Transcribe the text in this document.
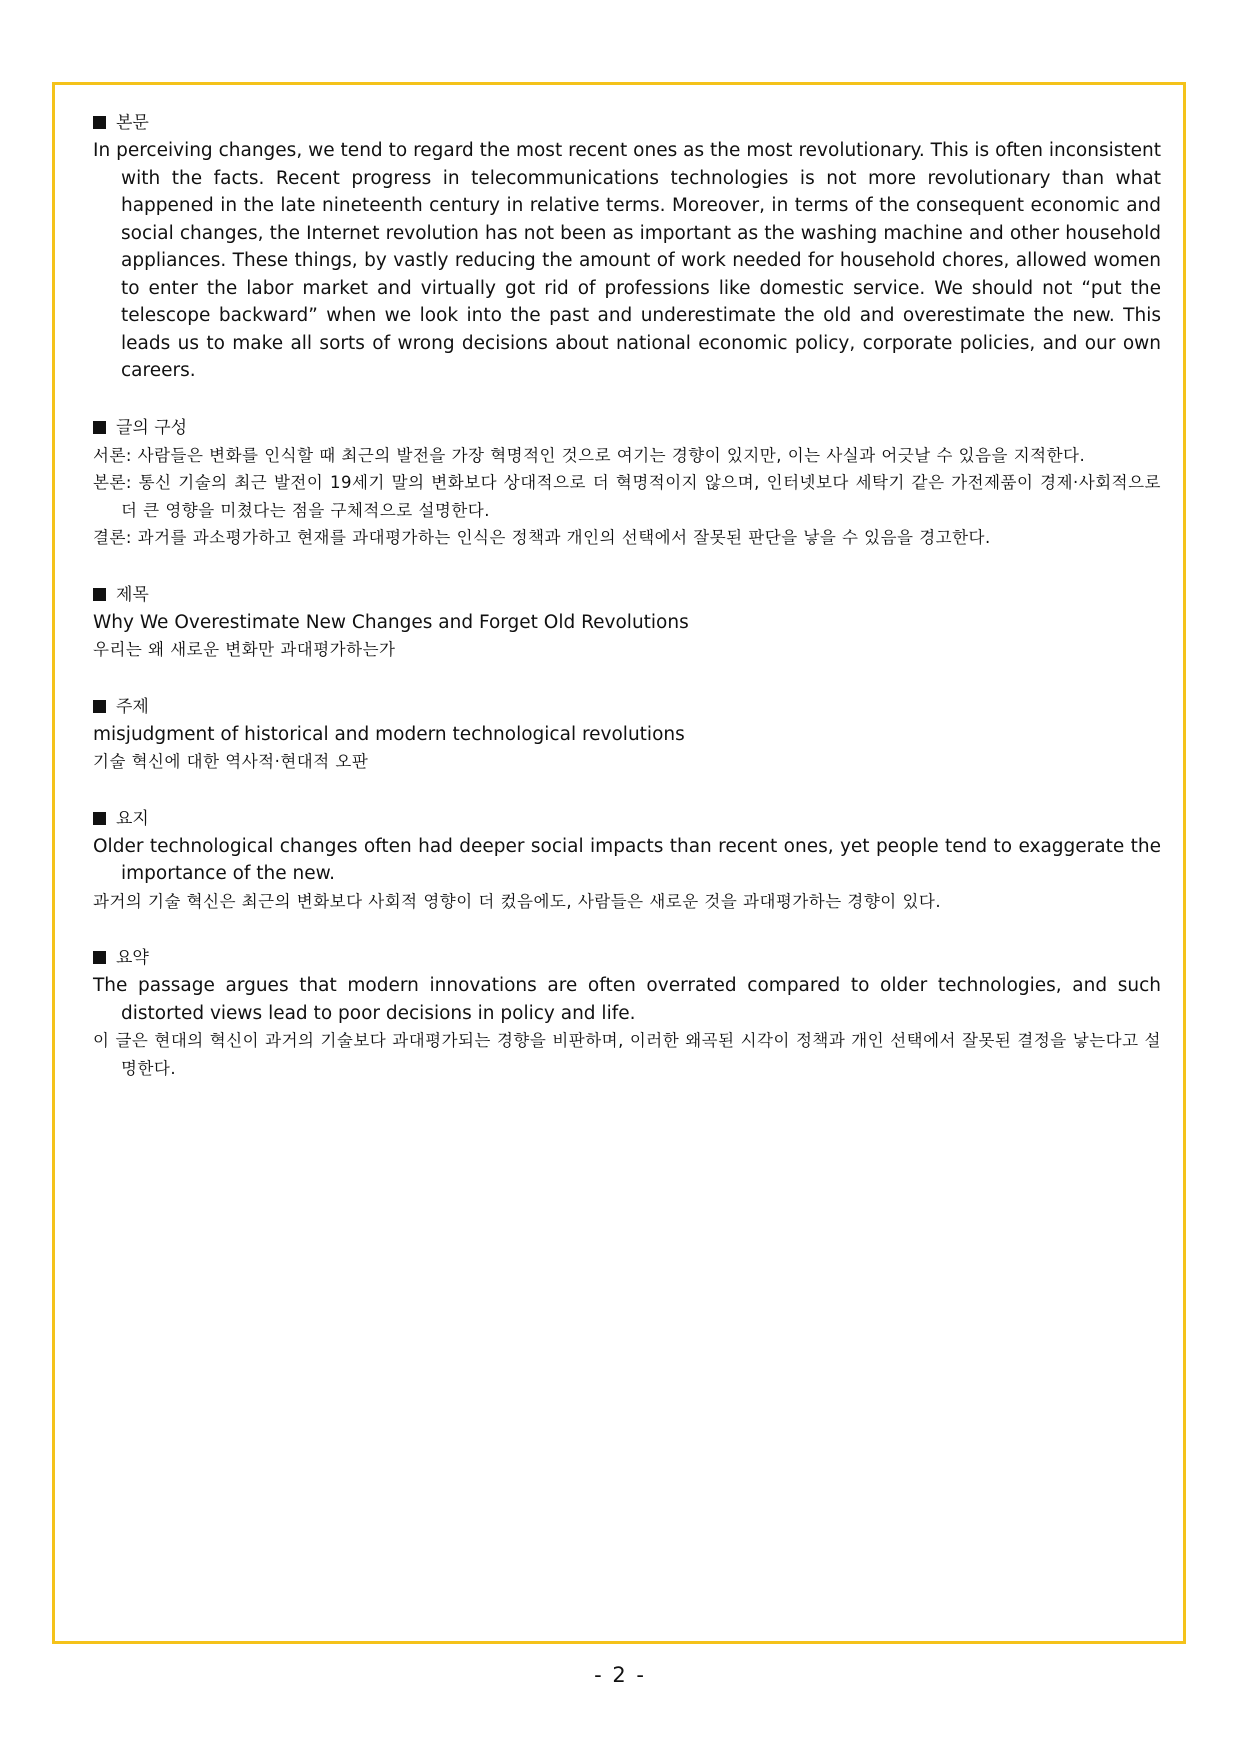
본문

In perceiving changes, we tend to regard the most recent ones as the most revolutionary. This is often inconsistent with the facts. Recent progress in telecommunications technologies is not more revolutionary than what happened in the late nineteenth century in relative terms. Moreover, in terms of the consequent economic and social changes, the Internet revolution has not been as important as the washing machine and other household appliances. These things, by vastly reducing the amount of work needed for household chores, allowed women to enter the labor market and virtually got rid of professions like domestic service. We should not “put the telescope backward” when we look into the past and underestimate the old and overestimate the new. This leads us to make all sorts of wrong decisions about national economic policy, corporate policies, and our own careers.

글의 구성

서론: 사람들은 변화를 인식할 때 최근의 발전을 가장 혁명적인 것으로 여기는 경향이 있지만, 이는 사실과 어긋날 수 있음을 지적한다.

본론: 통신 기술의 최근 발전이 19세기 말의 변화보다 상대적으로 더 혁명적이지 않으며, 인터넷보다 세탁기 같은 가전제품이 경제·사회적으로 더 큰 영향을 미쳤다는 점을 구체적으로 설명한다.

결론: 과거를 과소평가하고 현재를 과대평가하는 인식은 정책과 개인의 선택에서 잘못된 판단을 낳을 수 있음을 경고한다.

제목

Why We Overestimate New Changes and Forget Old Revolutions

우리는 왜 새로운 변화만 과대평가하는가

주제

misjudgment of historical and modern technological revolutions

기술 혁신에 대한 역사적·현대적 오판

요지

Older technological changes often had deeper social impacts than recent ones, yet people tend to exaggerate the importance of the new.

과거의 기술 혁신은 최근의 변화보다 사회적 영향이 더 컸음에도, 사람들은 새로운 것을 과대평가하는 경향이 있다.

요약

The passage argues that modern innovations are often overrated compared to older technologies, and such distorted views lead to poor decisions in policy and life.

이 글은 현대의 혁신이 과거의 기술보다 과대평가되는 경향을 비판하며, 이러한 왜곡된 시각이 정책과 개인 선택에서 잘못된 결정을 낳는다고 설명한다.

- 2 -
